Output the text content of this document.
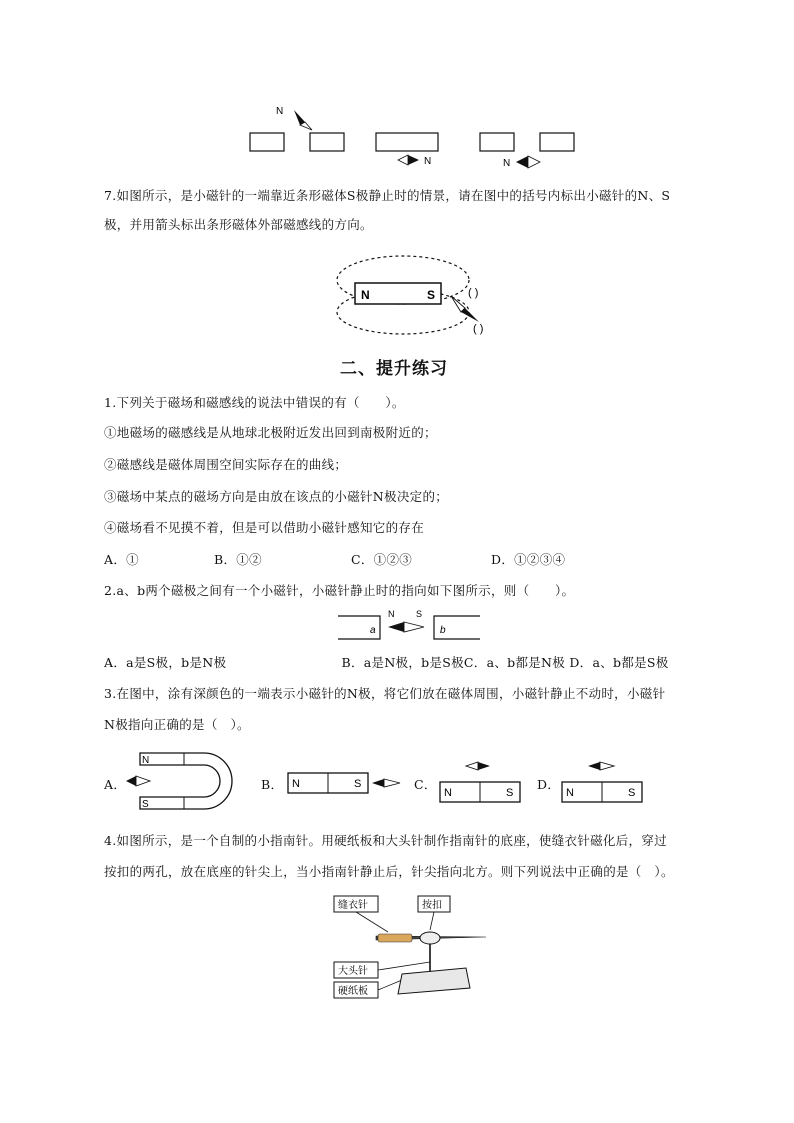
N
N	N
7.如图所示，是小磁针的一端靠近条形磁体S极静止时的情景，请在图中的括号内标出小磁针的N、S
极，并用箭头标出条形磁体外部磁感线的方向。
N	S	( )
( )
二、提升练习
1.下列关于磁场和磁感线的说法中错误的有（　　）。
①地磁场的磁感线是从地球北极附近发出回到南极附近的；
②磁感线是磁体周围空间实际存在的曲线；
③磁场中某点的磁场方向是由放在该点的小磁针N极决定的；
④磁场看不见摸不着，但是可以借助小磁针感知它的存在
A．①	B．①②	C．①②③	D．①②③④
2.a、b两个磁极之间有一个小磁针，小磁针静止时的指向如下图所示，则（　　）。
a	b
N S
A．a是S极，b是N极　　　　　　　　　B．a是N极，b是S极C．a、b都是N极 D．a、b都是S极
3.在图中，涂有深颜色的一端表示小磁针的N极，将它们放在磁体周围，小磁针静止不动时，小磁针
N极指向正确的是（　）。
A．
N
S
B． N	S	C．
N	S
D．
N	S
4.如图所示，是一个自制的小指南针。用硬纸板和大头针制作指南针的底座，使缝衣针磁化后，穿过
按扣的两孔，放在底座的针尖上，当小指南针静止后，针尖指向北方。则下列说法中正确的是（　）。
缝衣针	按扣
大头针
硬纸板
